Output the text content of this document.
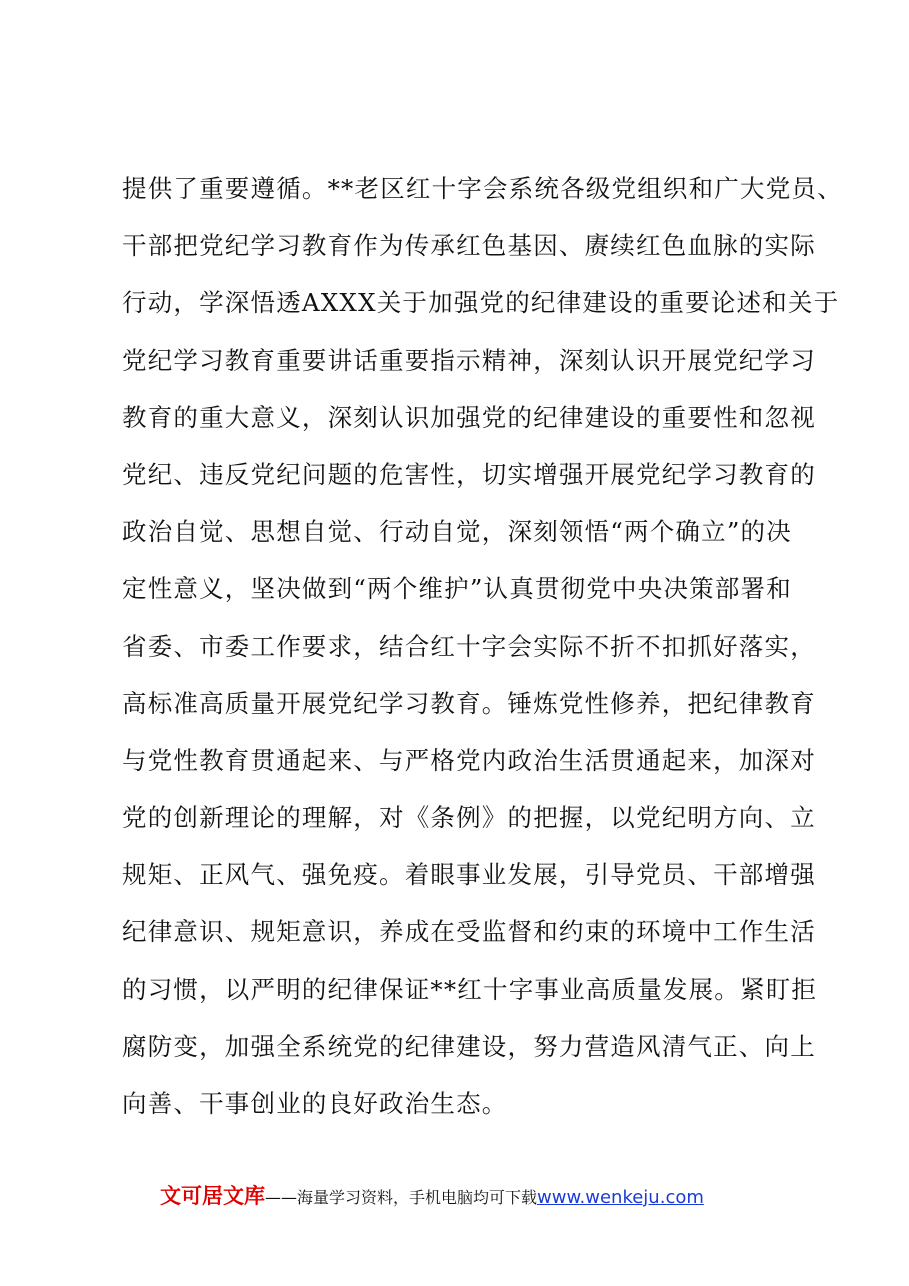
提供了重要遵循。**老区红十字会系统各级党组织和广大党员、
干部把党纪学习教育作为传承红色基因、赓续红色血脉的实际
行动，学深悟透AXXX关于加强党的纪律建设的重要论述和关于
党纪学习教育重要讲话重要指示精神，深刻认识开展党纪学习
教育的重大意义，深刻认识加强党的纪律建设的重要性和忽视
党纪、违反党纪问题的危害性，切实增强开展党纪学习教育的
政治自觉、思想自觉、行动自觉，深刻领悟“两个确立”的决
定性意义，坚决做到“两个维护”认真贯彻党中央决策部署和
省委、市委工作要求，结合红十字会实际不折不扣抓好落实，
高标准高质量开展党纪学习教育。锤炼党性修养，把纪律教育
与党性教育贯通起来、与严格党内政治生活贯通起来，加深对
党的创新理论的理解，对《条例》的把握，以党纪明方向、立
规矩、正风气、强免疫。着眼事业发展，引导党员、干部增强
纪律意识、规矩意识，养成在受监督和约束的环境中工作生活
的习惯，以严明的纪律保证**红十字事业高质量发展。紧盯拒
腐防变，加强全系统党的纪律建设，努力营造风清气正、向上
向善、干事创业的良好政治生态。
文可居文库——海量学习资料，手机电脑均可下载www.wenkeju.com
